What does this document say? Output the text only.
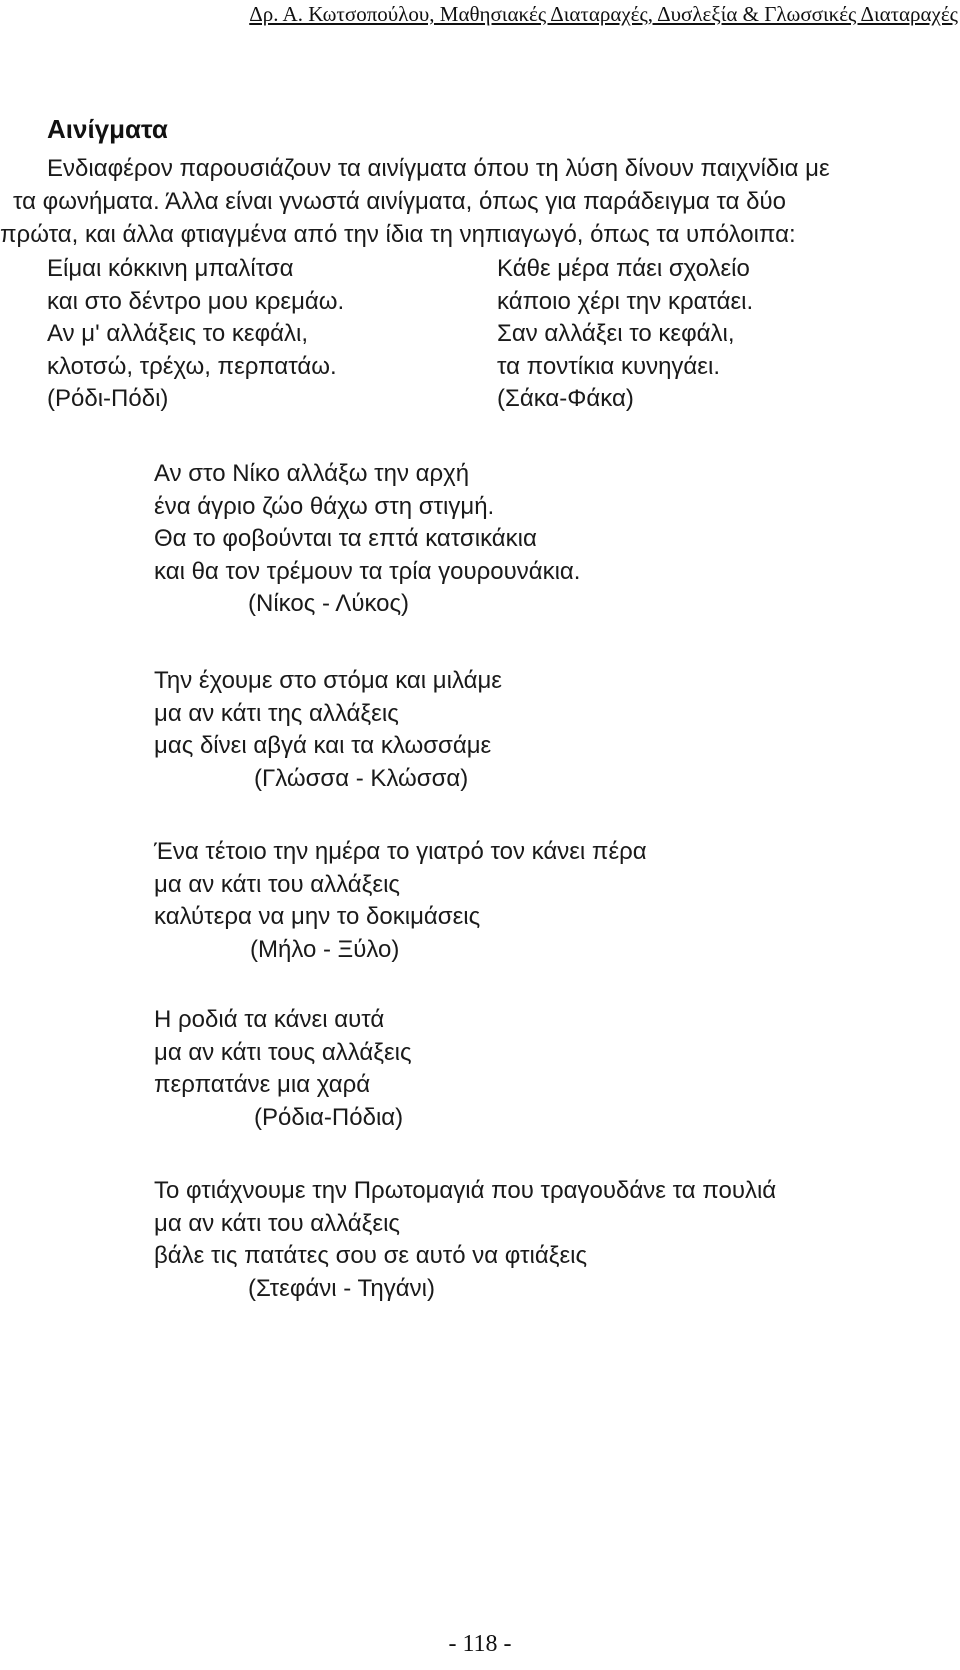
Δρ. Α. Κωτσοπούλου, Μαθησιακές Διαταραχές, Δυσλεξία & Γλωσσικές Διαταραχές
Αινίγματα
Ενδιαφέρον παρουσιάζουν τα αινίγματα όπου τη λύση δίνουν παιχνίδια με
τα φωνήματα. Άλλα είναι γνωστά αινίγματα, όπως για παράδειγμα τα δύο
πρώτα, και άλλα φτιαγμένα από την ίδια τη νηπιαγωγό, όπως τα υπόλοιπα:
Είμαι κόκκινη μπαλίτσα
και στο δέντρο μου κρεμάω.
Αν μ' αλλάξεις το κεφάλι,
κλοτσώ, τρέχω, περπατάω.
(Ρόδι-Πόδι)
Κάθε μέρα πάει σχολείο
κάποιο χέρι την κρατάει.
Σαν αλλάξει το κεφάλι,
τα ποντίκια κυνηγάει.
(Σάκα-Φάκα)
Αν στο Νίκο αλλάξω την αρχή
ένα άγριο ζώο θάχω στη στιγμή.
Θα το φοβούνται τα επτά κατσικάκια
και θα τον τρέμουν τα τρία γουρουνάκια.
(Νίκος - Λύκος)
Την έχουμε στο στόμα και μιλάμε
μα αν κάτι της αλλάξεις
μας δίνει αβγά και τα κλωσσάμε
(Γλώσσα - Κλώσσα)
Ένα τέτοιο την ημέρα το γιατρό τον κάνει πέρα
μα αν κάτι του αλλάξεις
καλύτερα να μην το δοκιμάσεις
(Μήλο - Ξύλο)
Η ροδιά τα κάνει αυτά
μα αν κάτι τους αλλάξεις
περπατάνε μια χαρά
(Ρόδια-Πόδια)
Το φτιάχνουμε την Πρωτομαγιά που τραγουδάνε τα πουλιά
μα αν κάτι του αλλάξεις
βάλε τις πατάτες σου σε αυτό να φτιάξεις
(Στεφάνι - Τηγάνι)
- 118 -
